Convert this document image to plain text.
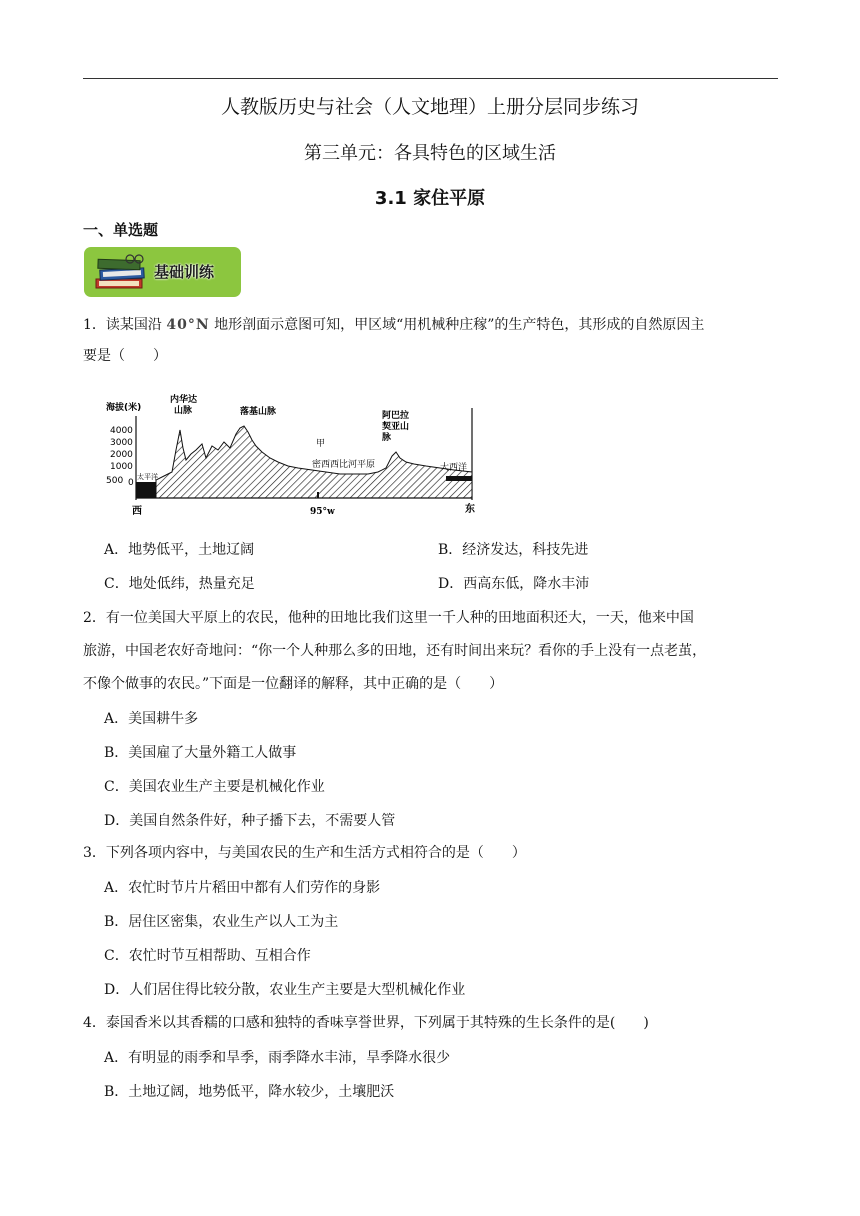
人教版历史与社会（人文地理）上册分层同步练习
第三单元：各具特色的区域生活
3.1 家住平原
一、单选题
基础训练
1．读某国沿 40°N 地形剖面示意图可知，甲区域“用机械种庄稼”的生产特色，其形成的自然原因主
要是（　　）
海拔(米)
4000
3000
2000
1000
500 0
太平洋
内华达山脉	落基山脉
甲
密西西比河平原
阿巴拉契亚山脉
大西洋
西	95°w	东
A．地势低平，土地辽阔	B．经济发达，科技先进
C．地处低纬，热量充足	D．西高东低，降水丰沛
2．有一位美国大平原上的农民，他种的田地比我们这里一千人种的田地面积还大，一天，他来中国
旅游，中国老农好奇地问：“你一个人种那么多的田地，还有时间出来玩？看你的手上没有一点老茧，
不像个做事的农民。”下面是一位翻译的解释，其中正确的是（　　）
A．美国耕牛多
B．美国雇了大量外籍工人做事
C．美国农业生产主要是机械化作业
D．美国自然条件好，种子播下去，不需要人管
3．下列各项内容中，与美国农民的生产和生活方式相符合的是（　　）
A．农忙时节片片稻田中都有人们劳作的身影
B．居住区密集，农业生产以人工为主
C．农忙时节互相帮助、互相合作
D．人们居住得比较分散，农业生产主要是大型机械化作业
4．泰国香米以其香糯的口感和独特的香味享誉世界，下列属于其特殊的生长条件的是(　　)
A．有明显的雨季和旱季，雨季降水丰沛，旱季降水很少
B．土地辽阔，地势低平，降水较少，土壤肥沃
